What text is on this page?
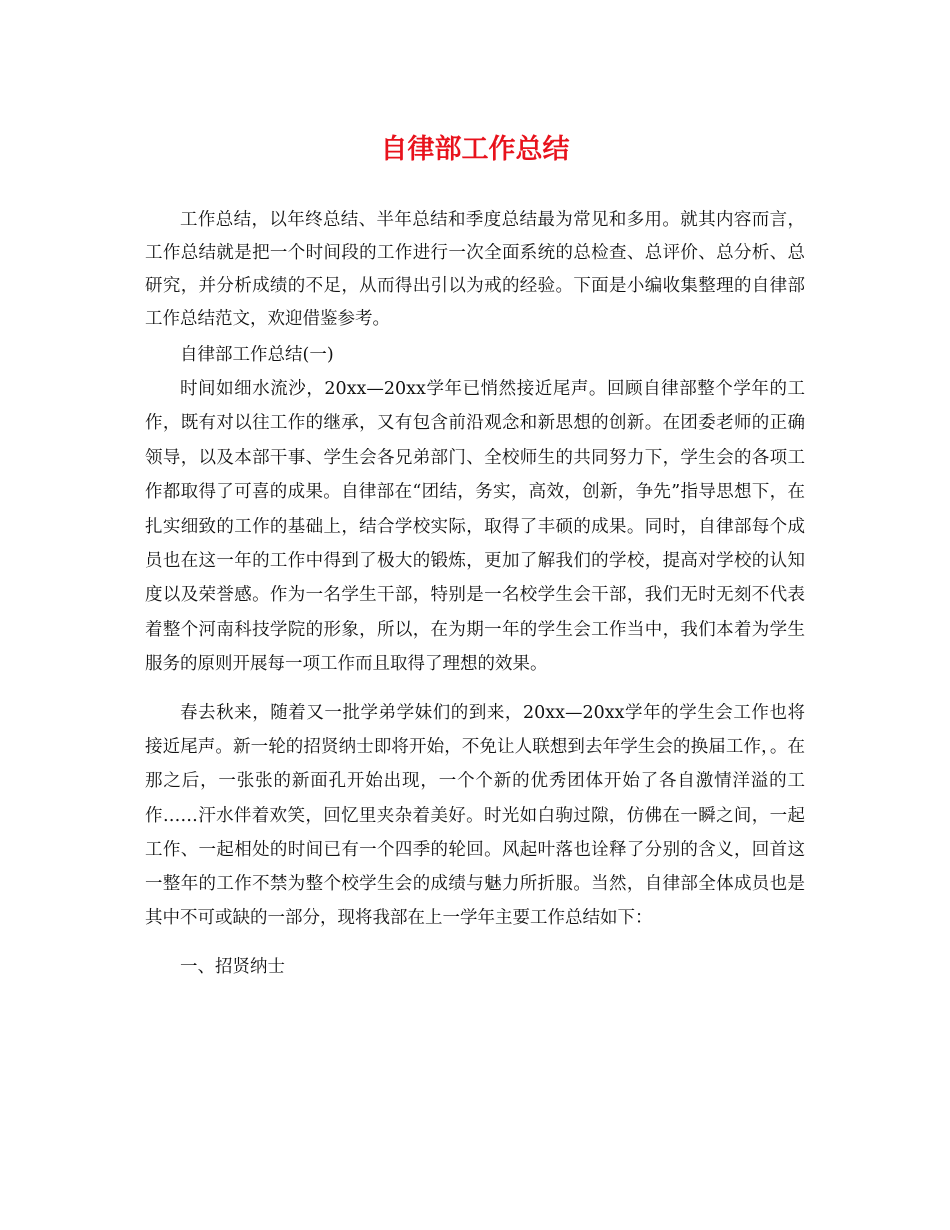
自律部工作总结

工作总结，以年终总结、半年总结和季度总结最为常见和多用。就其内容而言，工作总结就是把一个时间段的工作进行一次全面系统的总检查、总评价、总分析、总研究，并分析成绩的不足，从而得出引以为戒的经验。下面是小编收集整理的自律部工作总结范文，欢迎借鉴参考。

自律部工作总结(一)

时间如细水流沙，20xx—20xx学年已悄然接近尾声。回顾自律部整个学年的工作，既有对以往工作的继承，又有包含前沿观念和新思想的创新。在团委老师的正确领导，以及本部干事、学生会各兄弟部门、全校师生的共同努力下，学生会的各项工作都取得了可喜的成果。自律部在“团结，务实，高效，创新，争先”指导思想下，在扎实细致的工作的基础上，结合学校实际，取得了丰硕的成果。同时，自律部每个成员也在这一年的工作中得到了极大的锻炼，更加了解我们的学校，提高对学校的认知度以及荣誉感。作为一名学生干部，特别是一名校学生会干部，我们无时无刻不代表着整个河南科技学院的形象，所以，在为期一年的学生会工作当中，我们本着为学生服务的原则开展每一项工作而且取得了理想的效果。

春去秋来，随着又一批学弟学妹们的到来，20xx—20xx学年的学生会工作也将接近尾声。新一轮的招贤纳士即将开始，不免让人联想到去年学生会的换届工作，。在那之后，一张张的新面孔开始出现，一个个新的优秀团体开始了各自激情洋溢的工作……汗水伴着欢笑，回忆里夹杂着美好。时光如白驹过隙，仿佛在一瞬之间，一起工作、一起相处的时间已有一个四季的轮回。风起叶落也诠释了分别的含义，回首这一整年的工作不禁为整个校学生会的成绩与魅力所折服。当然，自律部全体成员也是其中不可或缺的一部分，现将我部在上一学年主要工作总结如下：

一、招贤纳士
